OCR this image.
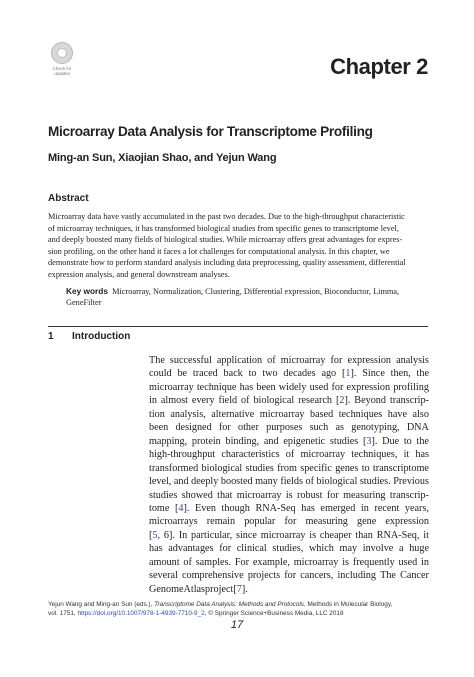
Check for
updates	Chapter 2
Microarray Data Analysis for Transcriptome Profiling
Ming-an Sun, Xiaojian Shao, and Yejun Wang
Abstract
Microarray data have vastly accumulated in the past two decades. Due to the high-throughput characteristic
of microarray techniques, it has transformed biological studies from specific genes to transcriptome level,
and deeply boosted many fields of biological studies. While microarray offers great advantages for expres-
sion profiling, on the other hand it faces a lot challenges for computational analysis. In this chapter, we
demonstrate how to perform standard analysis including data preprocessing, quality assessment, differential
expression analysis, and general downstream analyses.
Key words Microarray, Normalization, Clustering, Differential expression, Bioconductor, Limma,
GeneFilter
1 Introduction
The successful application of microarray for expression analysis
could be traced back to two decades ago [1]. Since then, the
microarray technique has been widely used for expression profiling
in almost every field of biological research [2]. Beyond transcrip-
tion analysis, alternative microarray based techniques have also
been designed for other purposes such as genotyping, DNA
mapping, protein binding, and epigenetic studies [3]. Due to the
high-throughput characteristics of microarray techniques, it has
transformed biological studies from specific genes to transcriptome
level, and deeply boosted many fields of biological studies. Previous
studies showed that microarray is robust for measuring transcrip-
tome [4]. Even though RNA-Seq has emerged in recent years,
microarrays remain popular for measuring gene expression
[5, 6]. In particular, since microarray is cheaper than RNA-Seq, it
has advantages for clinical studies, which may involve a huge
amount of samples. For example, microarray is frequently used in
several comprehensive projects for cancers, including The Cancer
Genome Atlas project [7].
Yejun Wang and Ming-an Sun (eds.), Transcriptome Data Analysis: Methods and Protocols, Methods in Molecular Biology,
vol. 1751, https://doi.org/10.1007/978-1-4939-7710-9_2, © Springer Science+Business Media, LLC 2018
17
